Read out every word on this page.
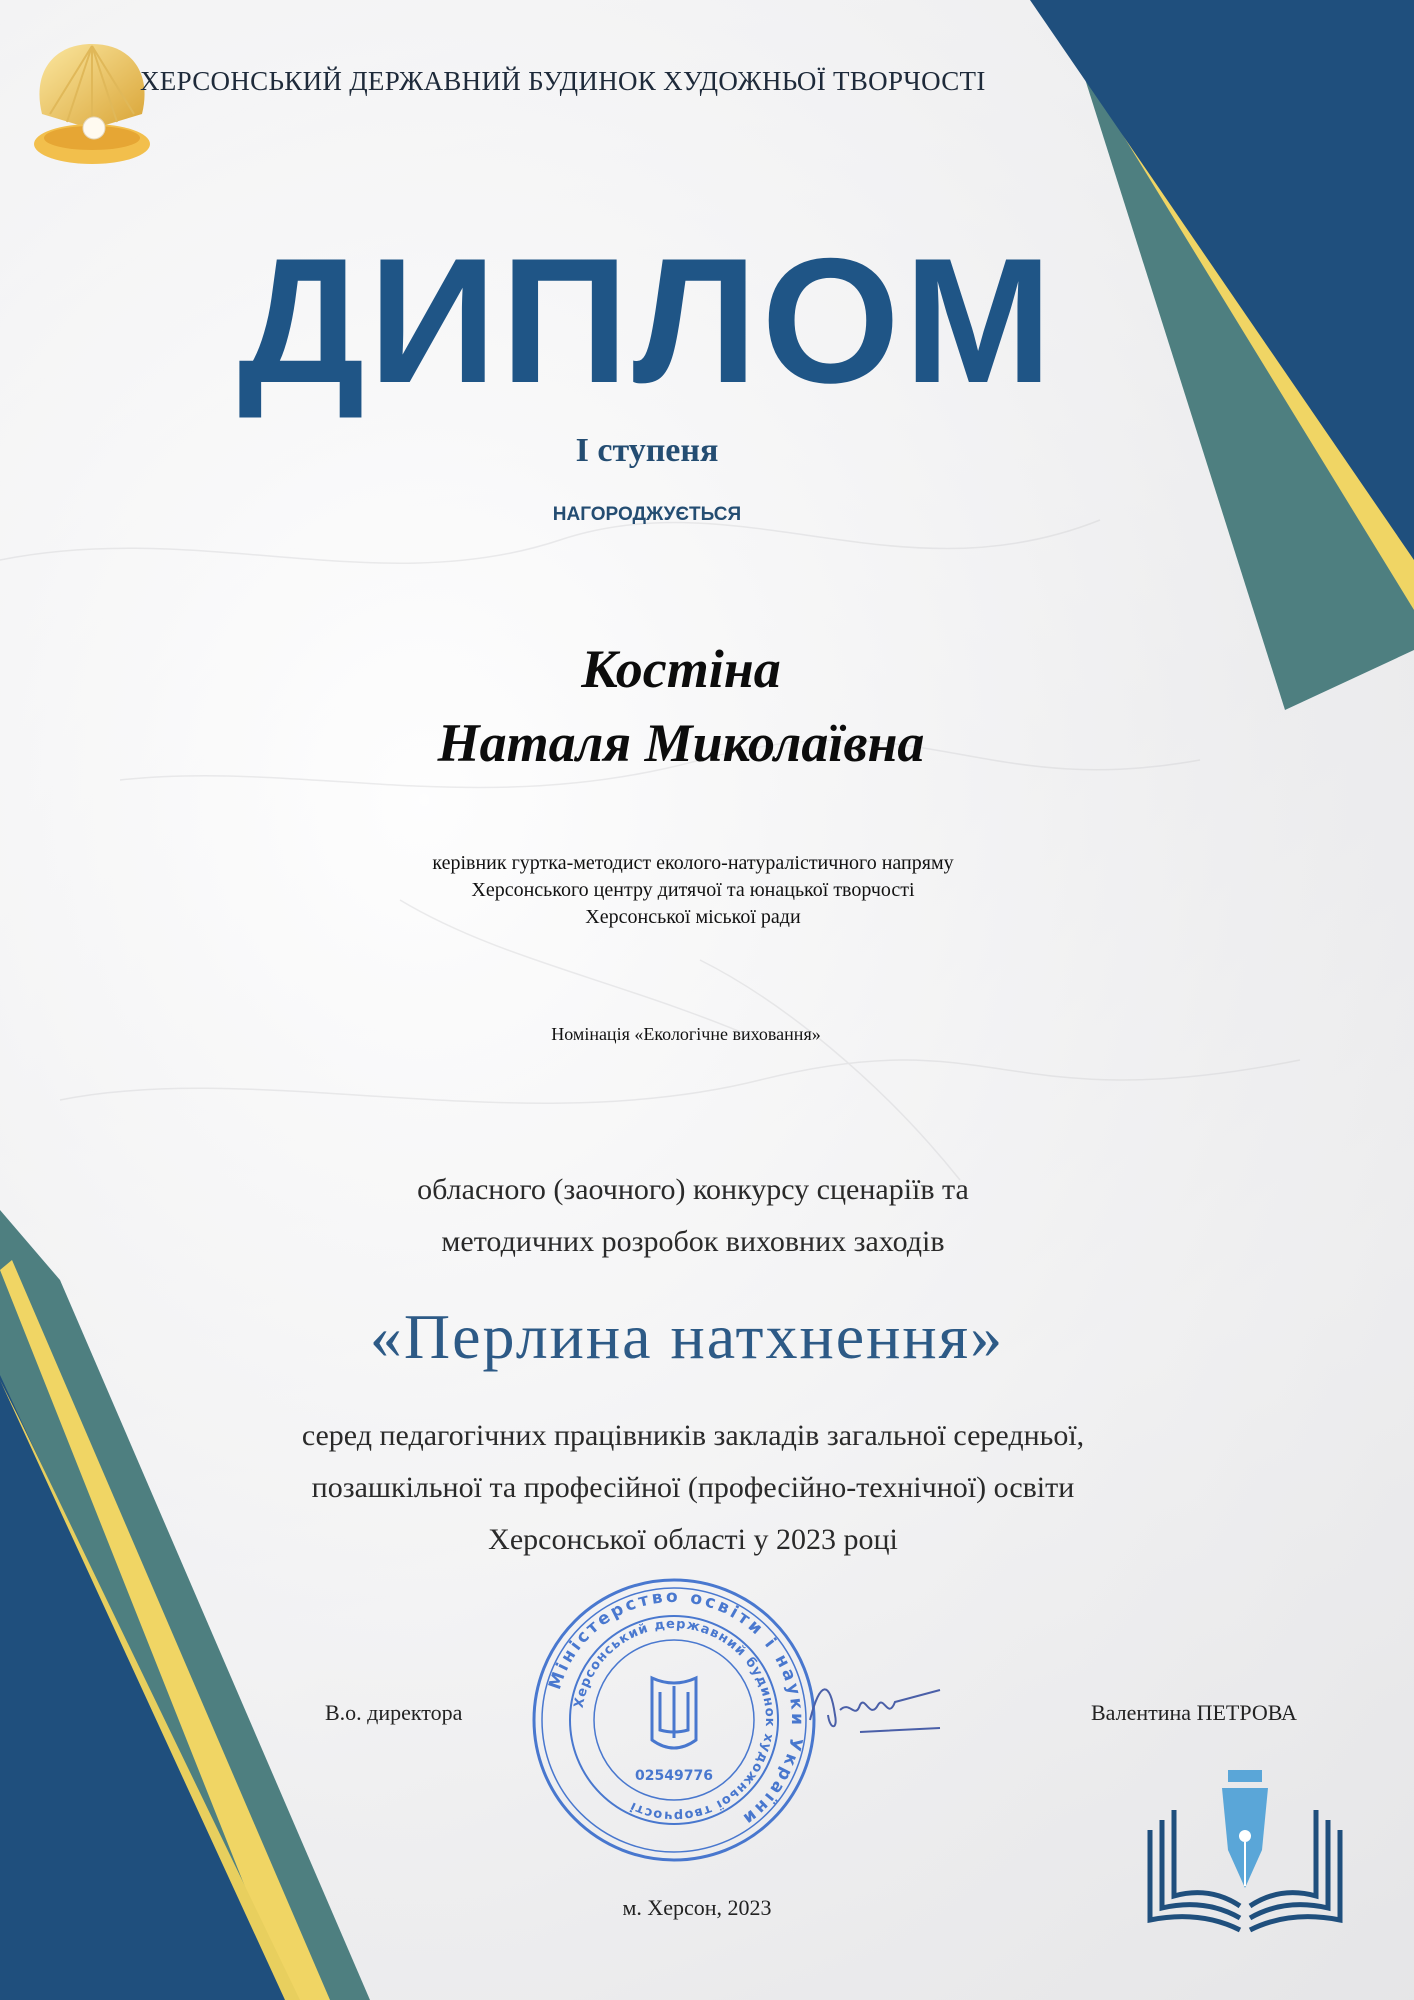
ХЕРСОНСЬКИЙ ДЕРЖАВНИЙ БУДИНОК ХУДОЖНЬОЇ ТВОРЧОСТІ

ДИПЛОМ

І ступеня

НАГОРОДЖУЄТЬСЯ

Костіна

Наталя Миколаївна

керівник гуртка-методист еколого-натуралістичного напряму
Херсонського центру дитячої та юнацької творчості
Херсонської міської ради

Номінація «Екологічне виховання»

обласного (заочного) конкурсу сценаріїв та
методичних розробок виховних заходів

«Перлина натхнення»

серед педагогічних працівників закладів загальної середньої,
позашкільної та професійної (професійно-технічної) освіти
Херсонської області у 2023 році
Міністерство освіти і науки України
Херсонський державний будинок художньої творчості
02549776

В.о. директора	Валентина ПЕТРОВА

м. Херсон, 2023
